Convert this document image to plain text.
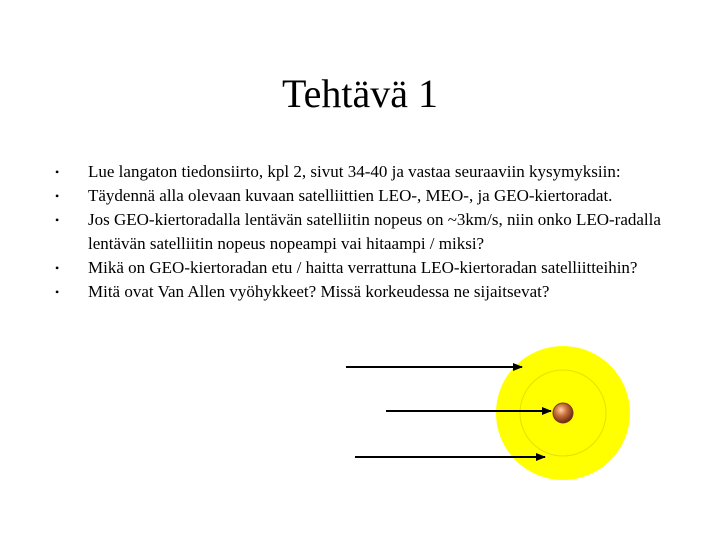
Tehtävä 1
•	Lue langaton tiedonsiirto, kpl 2, sivut 34-40 ja vastaa seuraaviin kysymyksiin:
•	Täydennä alla olevaan kuvaan satelliittien LEO-, MEO-, ja GEO-kiertoradat.
•	Jos GEO-kiertoradalla lentävän satelliitin nopeus on ~3km/s, niin onko LEO-radalla lentävän satelliitin nopeus nopeampi vai hitaampi / miksi?
•	Mikä on GEO-kiertoradan etu / haitta verrattuna LEO-kiertoradan satelliitteihin?
•	Mitä ovat Van Allen vyöhykkeet? Missä korkeudessa ne sijaitsevat?
